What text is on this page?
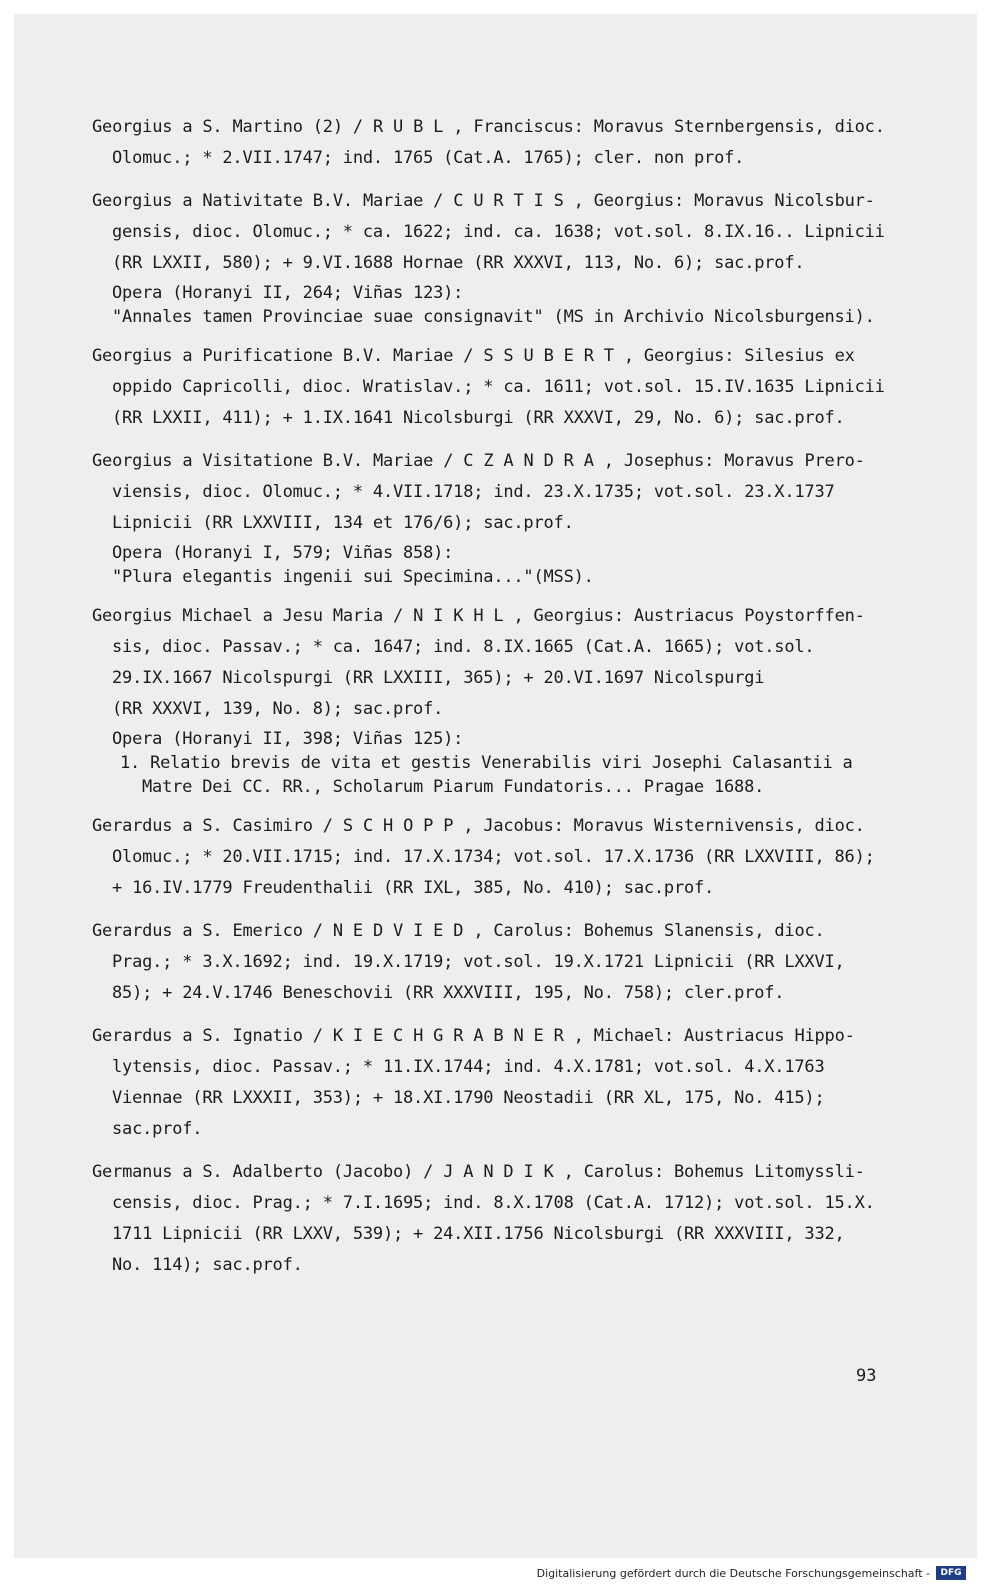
Georgius a S. Martino (2) / R U B L , Franciscus: Moravus Sternbergensis, dioc.
Olomuc.; * 2.VII.1747; ind. 1765 (Cat.A. 1765); cler. non prof.
Georgius a Nativitate B.V. Mariae / C U R T I S , Georgius: Moravus Nicolsbur-
gensis, dioc. Olomuc.; * ca. 1622; ind. ca. 1638; vot.sol. 8.IX.16.. Lipnicii
(RR LXXII, 580); + 9.VI.1688 Hornae (RR XXXVI, 113, No. 6); sac.prof.
Opera (Horanyi II, 264; Viñas 123):
"Annales tamen Provinciae suae consignavit" (MS in Archivio Nicolsburgensi).
Georgius a Purificatione B.V. Mariae / S S U B E R T , Georgius: Silesius ex
oppido Capricolli, dioc. Wratislav.; * ca. 1611; vot.sol. 15.IV.1635 Lipnicii
(RR LXXII, 411); + 1.IX.1641 Nicolsburgi (RR XXXVI, 29, No. 6); sac.prof.
Georgius a Visitatione B.V. Mariae / C Z A N D R A , Josephus: Moravus Prero-
viensis, dioc. Olomuc.; * 4.VII.1718; ind. 23.X.1735; vot.sol. 23.X.1737
Lipnicii (RR LXXVIII, 134 et 176/6); sac.prof.
Opera (Horanyi I, 579; Viñas 858):
"Plura elegantis ingenii sui Specimina..."(MSS).
Georgius Michael a Jesu Maria / N I K H L , Georgius: Austriacus Poystorffen-
sis, dioc. Passav.; * ca. 1647; ind. 8.IX.1665 (Cat.A. 1665); vot.sol.
29.IX.1667 Nicolspurgi (RR LXXIII, 365); + 20.VI.1697 Nicolspurgi
(RR XXXVI, 139, No. 8); sac.prof.
Opera (Horanyi II, 398; Viñas 125):
1. Relatio brevis de vita et gestis Venerabilis viri Josephi Calasantii a
Matre Dei CC. RR., Scholarum Piarum Fundatoris... Pragae 1688.
Gerardus a S. Casimiro / S C H O P P , Jacobus: Moravus Wisternivensis, dioc.
Olomuc.; * 20.VII.1715; ind. 17.X.1734; vot.sol. 17.X.1736 (RR LXXVIII, 86);
+ 16.IV.1779 Freudenthalii (RR IXL, 385, No. 410); sac.prof.
Gerardus a S. Emerico / N E D V I E D , Carolus: Bohemus Slanensis, dioc.
Prag.; * 3.X.1692; ind. 19.X.1719; vot.sol. 19.X.1721 Lipnicii (RR LXXVI,
85); + 24.V.1746 Beneschovii (RR XXXVIII, 195, No. 758); cler.prof.
Gerardus a S. Ignatio / K I E C H G R A B N E R , Michael: Austriacus Hippo-
lytensis, dioc. Passav.; * 11.IX.1744; ind. 4.X.1781; vot.sol. 4.X.1763
Viennae (RR LXXXII, 353); + 18.XI.1790 Neostadii (RR XL, 175, No. 415);
sac.prof.
Germanus a S. Adalberto (Jacobo) / J A N D I K , Carolus: Bohemus Litomyssli-
censis, dioc. Prag.; * 7.I.1695; ind. 8.X.1708 (Cat.A. 1712); vot.sol. 15.X.
1711 Lipnicii (RR LXXV, 539); + 24.XII.1756 Nicolsburgi (RR XXXVIII, 332,
No. 114); sac.prof.
93
Digitalisierung gefördert durch die Deutsche Forschungsgemeinschaft -	DFG
